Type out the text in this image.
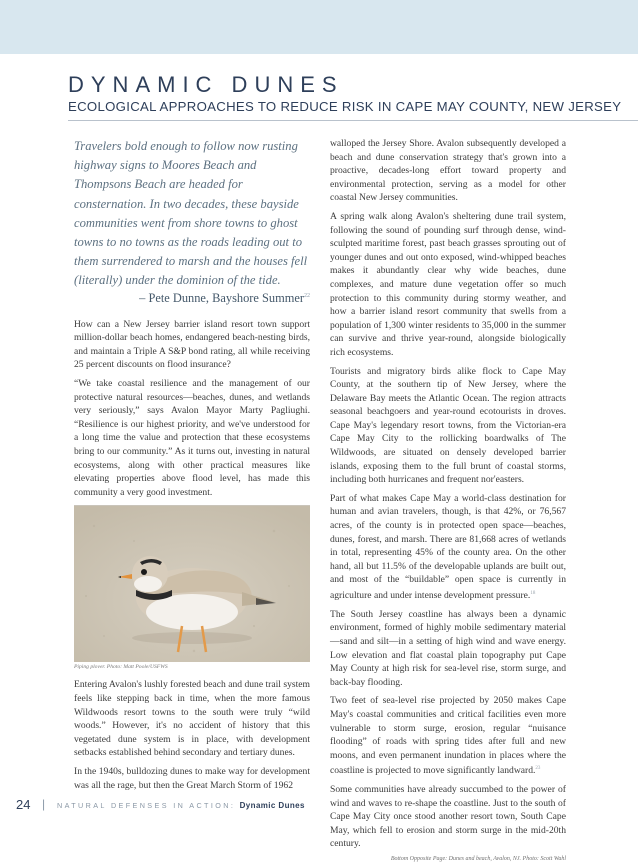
DYNAMIC DUNES
ECOLOGICAL APPROACHES TO REDUCE RISK IN CAPE MAY COUNTY, NEW JERSEY

Travelers bold enough to follow now rusting highway signs to Moores Beach and Thompsons Beach are headed for consternation. In two decades, these bayside communities went from shore towns to ghost towns to no towns as the roads leading out to them surrendered to marsh and the houses fell (literally) under the dominion of the tide.

– Pete Dunne, Bayshore Summer$^{22}$

How can a New Jersey barrier island resort town support million-dollar beach homes, endangered beach-nesting birds, and maintain a Triple A S&P bond rating, all while receiving 25 percent discounts on flood insurance?

“We take coastal resilience and the management of our protective natural resources—beaches, dunes, and wetlands very seriously,” says Avalon Mayor Marty Pagliughi. “Resilience is our highest priority, and we've understood for a long time the value and protection that these ecosystems bring to our community.” As it turns out, investing in natural ecosystems, along with other practical measures like elevating properties above flood level, has made this community a very good investment.

Piping plover. Photo: Matt Poole/USFWS

Entering Avalon's lushly forested beach and dune trail system feels like stepping back in time, when the more famous Wildwoods resort towns to the south were truly “wild woods.” However, it's no accident of history that this vegetated dune system is in place, with development setbacks established behind secondary and tertiary dunes.

In the 1940s, bulldozing dunes to make way for development was all the rage, but then the Great March Storm of 1962

walloped the Jersey Shore. Avalon subsequently developed a beach and dune conservation strategy that's grown into a proactive, decades-long effort toward property and environmental protection, serving as a model for other coastal New Jersey communities.

A spring walk along Avalon's sheltering dune trail system, following the sound of pounding surf through dense, wind-sculpted maritime forest, past beach grasses sprouting out of younger dunes and out onto exposed, wind-whipped beaches makes it abundantly clear why wide beaches, dune complexes, and mature dune vegetation offer so much protection to this community during stormy weather, and how a barrier island resort community that swells from a population of 1,300 winter residents to 35,000 in the summer can survive and thrive year-round, alongside biologically rich ecosystems.

Tourists and migratory birds alike flock to Cape May County, at the southern tip of New Jersey, where the Delaware Bay meets the Atlantic Ocean. The region attracts seasonal beachgoers and year-round ecotourists in droves. Cape May's legendary resort towns, from the Victorian-era Cape May City to the rollicking boardwalks of The Wildwoods, are situated on densely developed barrier islands, exposing them to the full brunt of coastal storms, including both hurricanes and frequent nor'easters.

Part of what makes Cape May a world-class destination for human and avian travelers, though, is that 42%, or 76,567 acres, of the county is in protected open space—beaches, dunes, forest, and marsh. There are 81,668 acres of wetlands in total, representing 45% of the county area. On the other hand, all but 11.5% of the developable uplands are built out, and most of the “buildable” open space is currently in agriculture and under intense development pressure.$^{18}$

The South Jersey coastline has always been a dynamic environment, formed of highly mobile sedimentary material—sand and silt—in a setting of high wind and wave energy. Low elevation and flat coastal plain topography put Cape May County at high risk for sea-level rise, storm surge, and back-bay flooding.

Two feet of sea-level rise projected by 2050 makes Cape May's coastal communities and critical facilities even more vulnerable to storm surge, erosion, regular “nuisance flooding” of roads with spring tides after full and new moons, and even permanent inundation in places where the coastline is projected to move significantly landward.$^{23}$

Some communities have already succumbed to the power of wind and waves to re-shape the coastline. Just to the south of Cape May City once stood another resort town, South Cape May, which fell to erosion and storm surge in the mid-20th century.

Bottom Opposite Page: Dunes and beach, Avalon, NJ. Photo: Scott Wahl

24 | NATURAL DEFENSES IN ACTION: Dynamic Dunes
